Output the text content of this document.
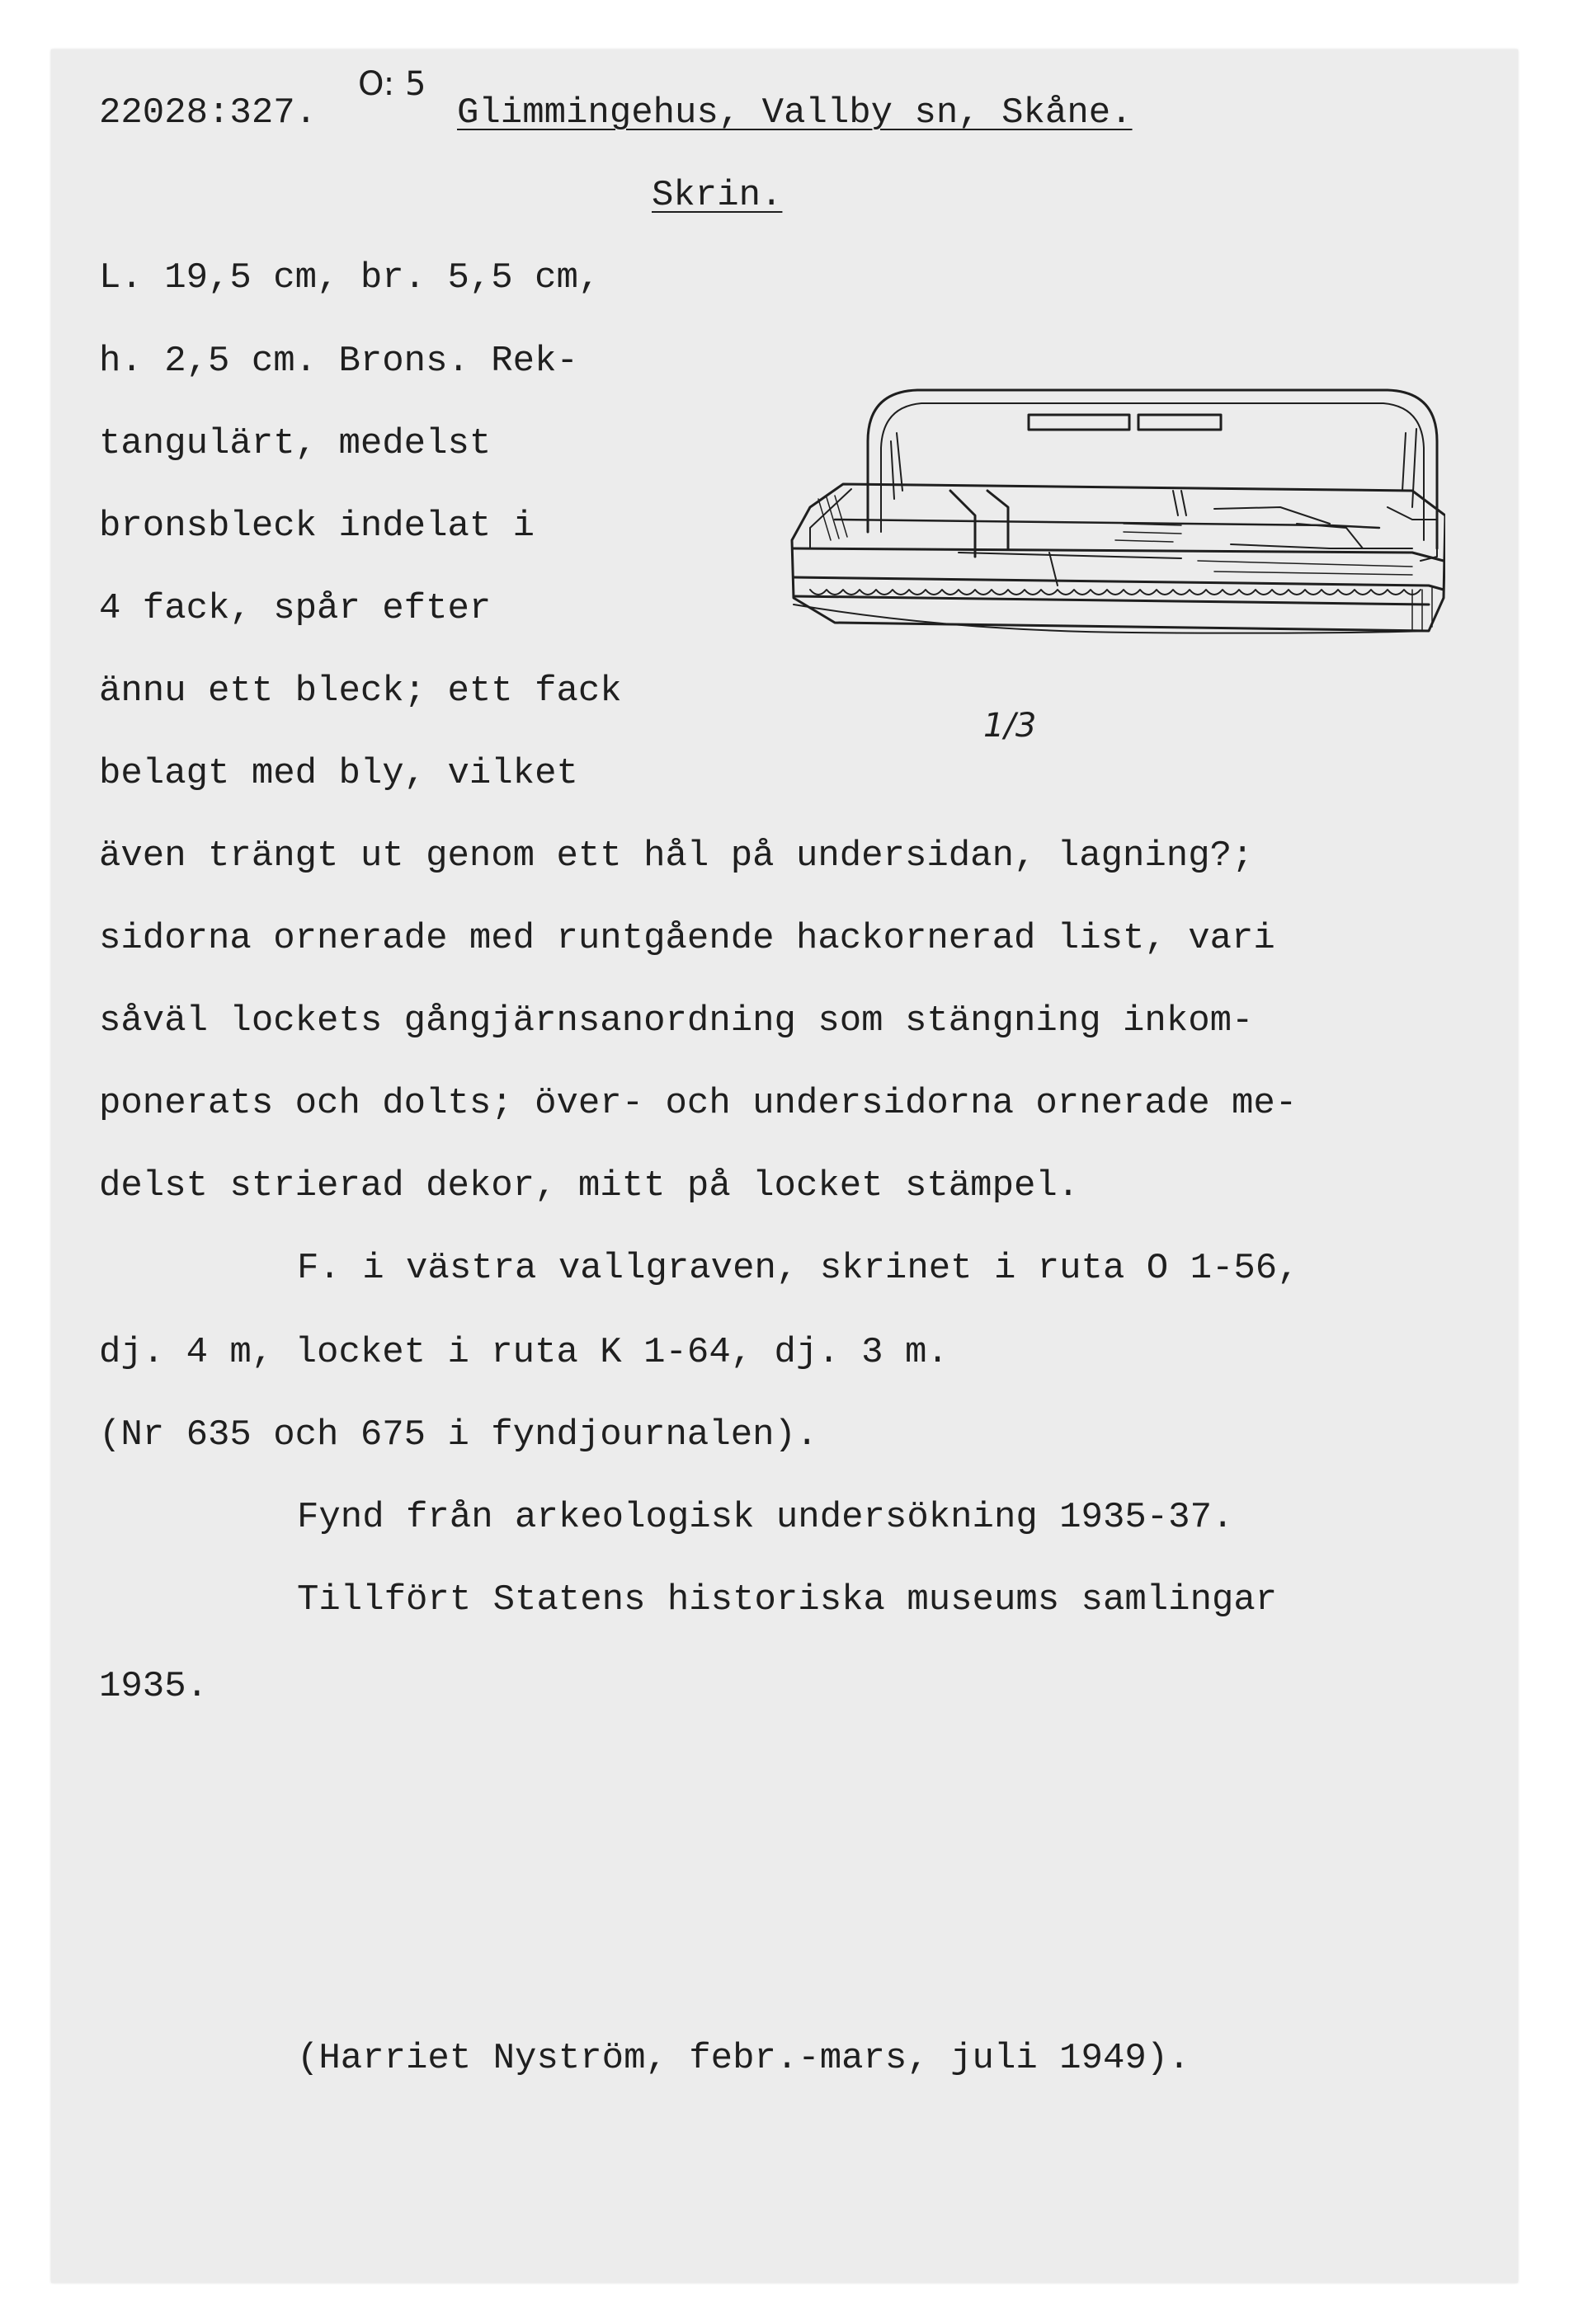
22028:327.
O: 5
Glimmingehus, Vallby sn, Skåne.
Skrin.
L. 19,5 cm, br. 5,5 cm,
h. 2,5 cm. Brons. Rek-
tangulärt, medelst
bronsbleck indelat i
4 fack, spår efter
ännu ett bleck; ett fack
belagt med bly, vilket
även trängt ut genom ett hål på undersidan, lagning?;
sidorna ornerade med runtgående hackornerad list, vari
såväl lockets gångjärnsanordning som stängning inkom-
ponerats och dolts; över- och undersidorna ornerade me-
delst strierad dekor, mitt på locket stämpel.
F. i västra vallgraven, skrinet i ruta O 1-56,
dj. 4 m, locket i ruta K 1-64, dj. 3 m.
(Nr 635 och 675 i fyndjournalen).
Fynd från arkeologisk undersökning 1935-37.
Tillfört Statens historiska museums samlingar
1935.
(Harriet Nyström, febr.-mars, juli 1949).
1/3
